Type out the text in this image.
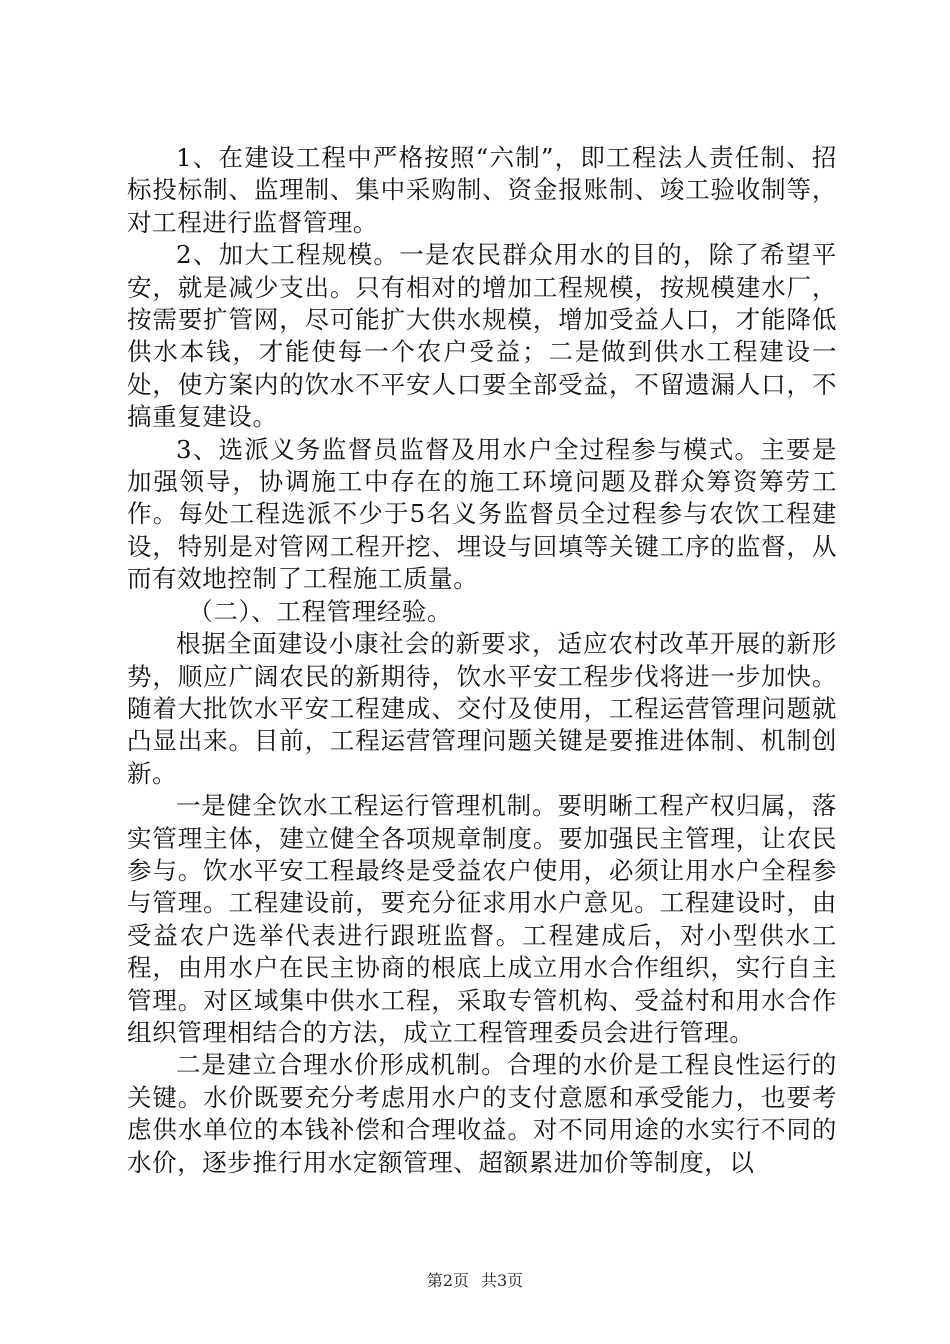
1、在建设工程中严格按照“六制”，即工程法人责任制、招标投标制、监理制、集中采购制、资金报账制、竣工验收制等，对工程进行监督管理。

2、加大工程规模。一是农民群众用水的目的，除了希望平安，就是减少支出。只有相对的增加工程规模，按规模建水厂，按需要扩管网，尽可能扩大供水规模，增加受益人口，才能降低供水本钱，才能使每一个农户受益；二是做到供水工程建设一处，使方案内的饮水不平安人口要全部受益，不留遗漏人口，不搞重复建设。

3、选派义务监督员监督及用水户全过程参与模式。主要是加强领导，协调施工中存在的施工环境问题及群众筹资筹劳工作。每处工程选派不少于5名义务监督员全过程参与农饮工程建设，特别是对管网工程开挖、埋设与回填等关键工序的监督，从而有效地控制了工程施工质量。

（二）、工程管理经验。

根据全面建设小康社会的新要求，适应农村改革开展的新形势，顺应广阔农民的新期待，饮水平安工程步伐将进一步加快。随着大批饮水平安工程建成、交付及使用，工程运营管理问题就凸显出来。目前，工程运营管理问题关键是要推进体制、机制创新。

一是健全饮水工程运行管理机制。要明晰工程产权归属，落实管理主体，建立健全各项规章制度。要加强民主管理，让农民参与。饮水平安工程最终是受益农户使用，必须让用水户全程参与管理。工程建设前，要充分征求用水户意见。工程建设时，由受益农户选举代表进行跟班监督。工程建成后，对小型供水工程，由用水户在民主协商的根底上成立用水合作组织，实行自主管理。对区域集中供水工程，采取专管机构、受益村和用水合作组织管理相结合的方法，成立工程管理委员会进行管理。

二是建立合理水价形成机制。合理的水价是工程良性运行的关键。水价既要充分考虑用水户的支付意愿和承受能力，也要考虑供水单位的本钱补偿和合理收益。对不同用途的水实行不同的水价，逐步推行用水定额管理、超额累进加价等制度，以

第2页 共3页
